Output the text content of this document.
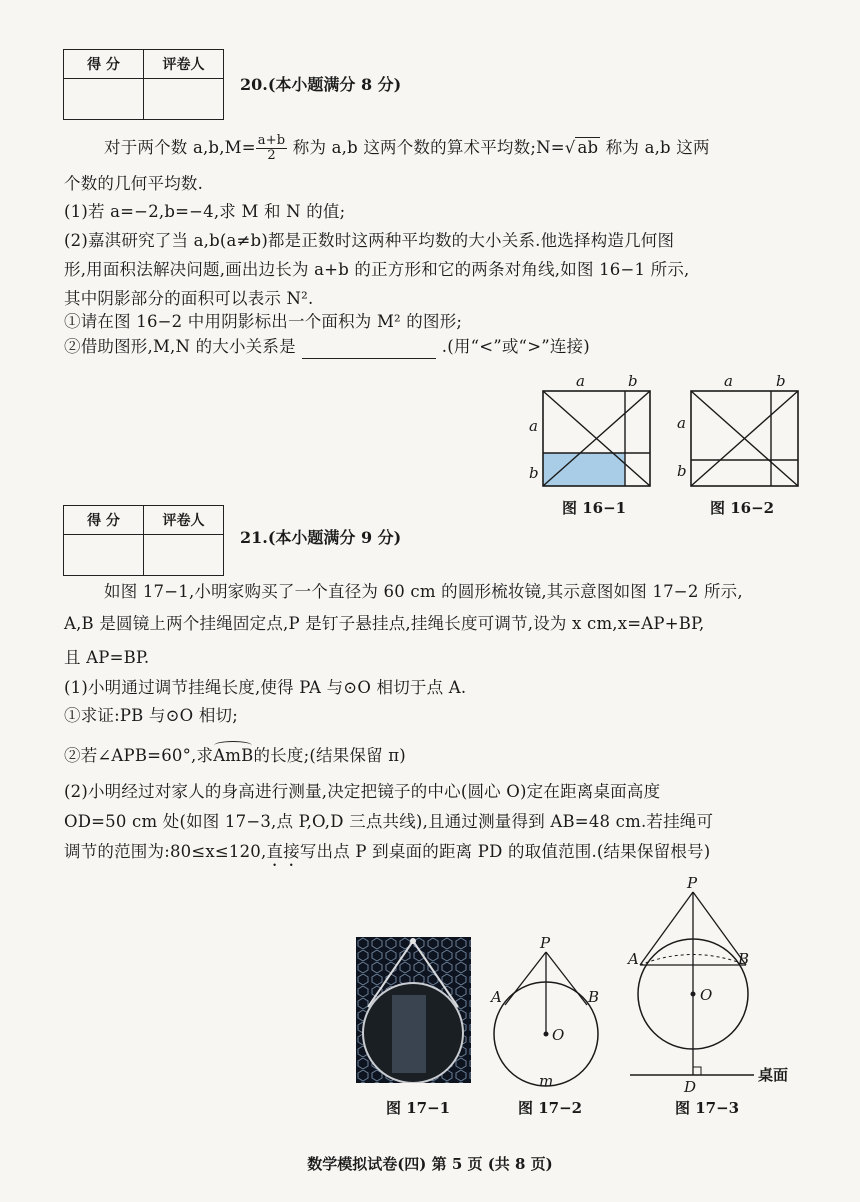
得 分	评卷人

20.(本小题满分 8 分)
对于两个数 $a,b,M= \frac{a+b}{2}$ 称为 a,b 这两个数的算术平均数;N=√ ab 称为 a,b 这两
个数的几何平均数.
(1)若 a=−2,b=−4,求 M 和 N 的值;
(2)嘉淇研究了当 a,b(a≠b)都是正数时这两种平均数的大小关系.他选择构造几何图
形,用面积法解决问题,画出边长为 a+b 的正方形和它的两条对角线,如图 16−1 所示,
其中阴影部分的面积可以表示 N².
①请在图 16−2 中用阴影标出一个面积为 M² 的图形;
②借助图形,M,N 的大小关系是	.(用“<”或“>”连接)
a	b
a
b
图 16−1
a	b
a
b
图 16−2
得 分	评卷人

21.(本小题满分 9 分)
如图 17−1,小明家购买了一个直径为 60 cm 的圆形梳妆镜,其示意图如图 17−2 所示,
A,B 是圆镜上两个挂绳固定点,P 是钉子悬挂点,挂绳长度可调节,设为 x cm,x=AP+BP,
且 AP=BP.
(1)小明通过调节挂绳长度,使得 PA 与⊙O 相切于点 A.
①求证:PB 与⊙O 相切;
②若∠APB=60°,求AmB的长度;(结果保留 π)
(2)小明经过对家人的身高进行测量,决定把镜子的中心(圆心 O)定在距离桌面高度
OD=50 cm 处(如图 17−3,点 P,O,D 三点共线),且通过测量得到 AB=48 cm.若挂绳可
调节的范围为:80≤x≤120,直接写出点 P 到桌面的距离 PD 的取值范围.(结果保留根号)
图 17−1
P
A	B
O
m
图 17−2
P
A	B
O
D
桌面
图 17−3
数学模拟试卷(四) 第 5 页 (共 8 页)
